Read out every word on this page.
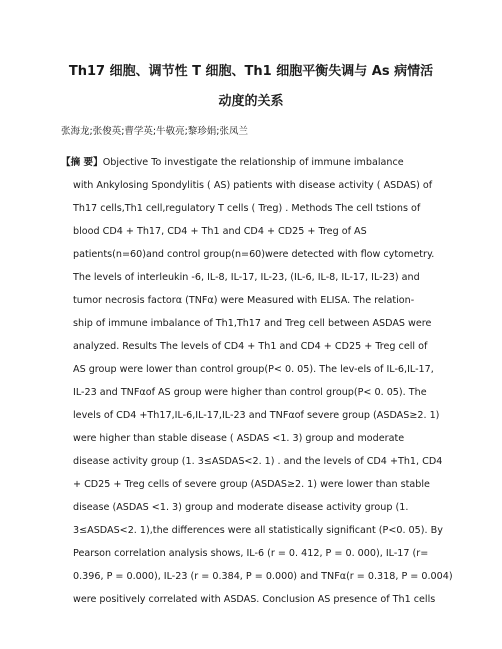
Th17 细胞、调节性 T 细胞、Th1 细胞平衡失调与 As 病情活
动度的关系
张海龙;张俊英;曹学英;牛敬亮;黎珍娟;张凤兰
【摘 要】Objective To investigate the relationship of immune imbalance
with Ankylosing Spondylitis ( AS) patients with disease activity ( ASDAS) of
Th17 cells,Th1 cell,regulatory T cells ( Treg) . Methods The cell tstions of
blood CD4 + Th17, CD4 + Th1 and CD4 + CD25 + Treg of AS
patients(n=60)and control group(n=60)were detected with flow cytometry.
The levels of interleukin -6, IL-8, IL-17, IL-23, (IL-6, IL-8, IL-17, IL-23) and
tumor necrosis factorα (TNFα) were Measured with ELISA. The relation-
ship of immune imbalance of Th1,Th17 and Treg cell between ASDAS were
analyzed. Results The levels of CD4 + Th1 and CD4 + CD25 + Treg cell of
AS group were lower than control group(P< 0. 05). The lev-els of IL-6,IL-17,
IL-23 and TNFαof AS group were higher than control group(P< 0. 05). The
levels of CD4 +Th17,IL-6,IL-17,IL-23 and TNFαof severe group (ASDAS≥2. 1)
were higher than stable disease ( ASDAS <1. 3) group and moderate
disease activity group (1. 3≤ASDAS<2. 1) . and the levels of CD4 +Th1, CD4
+ CD25 + Treg cells of severe group (ASDAS≥2. 1) were lower than stable
disease (ASDAS <1. 3) group and moderate disease activity group (1.
3≤ASDAS<2. 1),the differences were all statistically significant (P<0. 05). By
Pearson correlation analysis shows, IL-6 (r = 0. 412, P = 0. 000), IL-17 (r=
0.396, P = 0.000), IL-23 (r = 0.384, P = 0.000) and TNFα(r = 0.318, P = 0.004)
were positively correlated with ASDAS. Conclusion AS presence of Th1 cells
